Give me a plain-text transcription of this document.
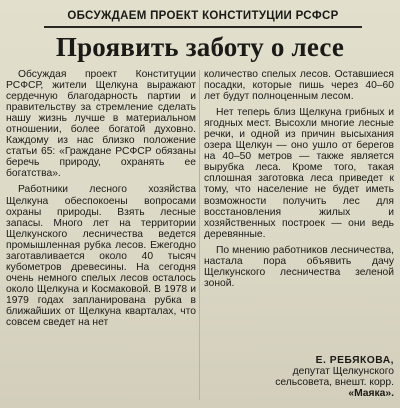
ОБСУЖДАЕМ ПРОЕКТ КОНСТИТУЦИИ РСФСР
Проявить заботу о лесе

Обсуждая проект Конституции РСФСР, жители Щелкуна выражают сердечную благодарность партии и правительству за стремление сделать нашу жизнь лучше в материальном отношении, более богатой духовно. Каждому из нас близко положение статьи 65: «Граждане РСФСР обязаны беречь природу, охранять ее богатства».

Работники лесного хозяйства Щелкуна обеспокоены вопросами охраны природы. Взять лесные запасы. Много лет на территории Щелкунского лесничества ведется промышленная рубка лесов. Ежегодно заготавливается около 40 тысяч кубометров древесины. На сегодня очень немного спелых лесов осталось около Щелкуна и Космаковой. В 1978 и 1979 годах запланирована рубка в ближайших от Щелкуна кварталах, что совсем сведет на нет

количество спелых лесов. Оставшиеся посадки, которые пишь через 40–60 лет будут полноценным лесом.

Нет теперь близ Щелкуна грибных и ягодных мест. Высохли многие лесные речки, и одной из причин высыхания озера Щелкун — оно ушло от берегов на 40–50 метров — также является вырубка леса. Кроме того, такая сплошная заготовка леса приведет к тому, что население не будет иметь возможности получить лес для восстановления жилых и хозяйственных построек — они ведь деревянные.

По мнению работников лесничества, настала пора объявить дачу Щелкунского лесничества зеленой зоной.

Е. РЕБЯКОВА,
депутат Щелкунского
сельсовета, внешт. корр.
«Маяка».
